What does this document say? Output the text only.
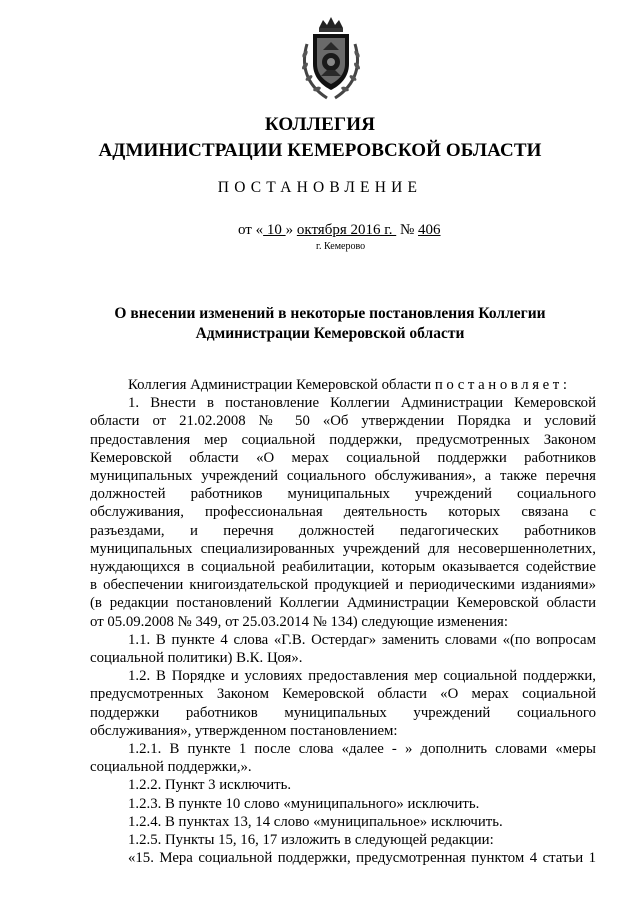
КОЛЛЕГИЯ
АДМИНИСТРАЦИИ КЕМЕРОВСКОЙ ОБЛАСТИ
ПОСТАНОВЛЕНИЕ
от « 10 » октября 2016 г.  № 406
г. Кемерово
О внесении изменений в некоторые постановления Коллегии
Администрации Кемеровской области
Коллегия Администрации Кемеровской области постановляет:
1. Внести в постановление Коллегии Администрации Кемеровской
области от 21.02.2008 № 50 «Об утверждении Порядка и условий
предоставления мер социальной поддержки, предусмотренных Законом
Кемеровской области «О мерах социальной поддержки работников
муниципальных учреждений социального обслуживания», а также перечня
должностей работников муниципальных учреждений социального
обслуживания, профессиональная деятельность которых связана с
разъездами, и перечня должностей педагогических работников
муниципальных специализированных учреждений для несовершеннолетних,
нуждающихся в социальной реабилитации, которым оказывается содействие
в обеспечении книгоиздательской продукцией и периодическими изданиями»
(в редакции постановлений Коллегии Администрации Кемеровской области
от 05.09.2008 № 349, от 25.03.2014 № 134) следующие изменения:
1.1. В пункте 4 слова «Г.В. Остердаг» заменить словами «(по вопросам
социальной политики) В.К. Цоя».
1.2. В Порядке и условиях предоставления мер социальной поддержки,
предусмотренных Законом Кемеровской области «О мерах социальной
поддержки работников муниципальных учреждений социального
обслуживания», утвержденном постановлением:
1.2.1. В пункте 1 после слова «далее - » дополнить словами «меры
социальной поддержки,».
1.2.2. Пункт 3 исключить.
1.2.3. В пункте 10 слово «муниципального» исключить.
1.2.4. В пунктах 13, 14 слово «муниципальное» исключить.
1.2.5. Пункты 15, 16, 17 изложить в следующей редакции:
«15. Мера социальной поддержки, предусмотренная пунктом 4 статьи 1
